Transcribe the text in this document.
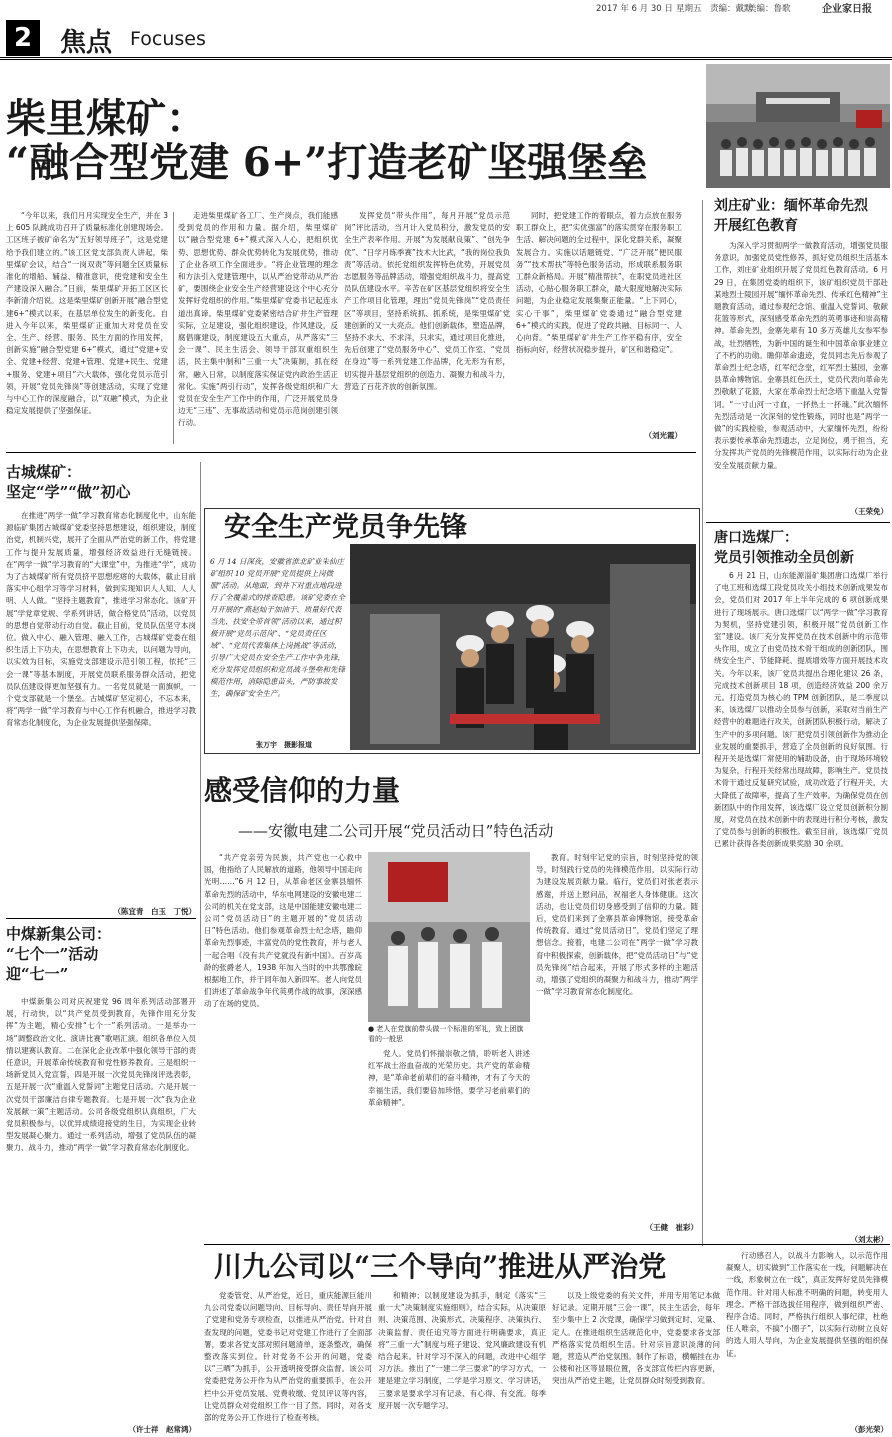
2017 年 6 月 30 日 星期五 责编：戴默
美编：鲁歌	企业家日报
2	焦点 Focuses
柴里煤矿：
“融合型党建 6+”打造老矿坚强堡垒

“今年以来，我们月月实现安全生产，并在 3 上 605 队跳成功召开了质量标准化创建现场会。工区班子被矿命名为“五好领导班子”，这是党建给予我们建立的。”该工区党支部负责人讲起，柴里煤矿会议，结合“一岗双责”等问题全区质量标准化的增船、辅益、精准意识，使党建和安全生产建设深入融合。”日前，柴里煤矿开拓工区区长李新清介绍说。这是柴里煤矿创新开展“融合型党建6+”模式以来，在基层单位发生的新变化。自进入今年以来，柴里煤矿正重加大对党员在安全、生产、经营、服务、民生方面的作用发挥，创新实施“融合型党建 6+”模式，通过“党建+安全、党建+经营、党建+管理、党建+民生、党建+服务、党建+项目”六大载体，强化党员示范引领，开展“党员先锋岗”等创建活动，实现了党建与中心工作的深度融合，以“双融”模式，为企业稳定发展提供了坚强保证。

走进柴里煤矿各工厂、生产岗点，我们能感受到党员的作用和力量。据介绍，柴里煤矿以“融合型党建 6+”模式深入人心，把组织优势、思想优势、群众优势转化为发展优势，推动了企业各项工作全面进步。“将企业管理的理念和方法引入党建管理中，以从严治党带动从严治矿，要围绕企业安全生产经营建设这个中心充分发挥好党组织的作用。”柴里煤矿党委书记起连永道出真谛。柴里煤矿党委紧密结合矿井生产管理实际，立足建设，强化组织建设，作风建设，反腐倡廉建设，制度建设五大重点，从严落实“三会一课”、民主生活会、领导干部双重组织生活，民主集中制和“三重一大”决策制，抓在经常，融入日常，以制度落实保证党内政治生活正常化。实施“两引行动”，发挥各级党组织和广大党员在安全生产工作中的作用，广泛开展党员身边无“三违”、无事故活动和党员示范岗创建引领行动。

发挥党员“带头作用”，每月开展“党员示范岗”评比活动，当月计入党员积分，激发党员的安全生产表率作用。开展“为发展献良策”、“创先争优”、“日学月练季赛”技术大比武，“我的岗位我负责”等活动。依托党组织发挥特色优势，开展党员志愿服务等品牌活动，增强党组织战斗力，提高党员队伍建设水平。辛苦在矿区基层党组织将安全生产工作项目化管理，理出“党员先锋岗”“党员责任区”等项目，坚持系统抓、抓系统，是柴里煤矿党建创新的又一大亮点。他们创新载体，塑造品牌，坚持不求大、不求洋，只求实，通过项目化推进，先后创建了“党员服务中心”、党员工作室、“党员在身边”等一系列党建工作品牌，化无形为有形，切实提升基层党组织的创造力、凝聚力和战斗力，营造了百花齐放的创新氛围。

同时，把党建工作的着眼点，着力点放在服务职工群众上，把“实优强富”的落实贯穿在服务职工生活、解决问题的全过程中，深化党群关系，凝聚发展合力。实施以话题链党、“广泛开展”便民服务”“技术帮扶”等特色服务活动，形成联系服务职工群众新格局。开展“精准帮扶”，在职党员进社区活动，心贴心服务职工群众，最大限度地解决实际问题，为企业稳定发展集聚正能量。“上下同心，实心干事”，柴里煤矿党委通过“融合型党建 6+”模式的实践，促进了党政共融、目标同一、人心向背。“柴里煤矿矿井生产工作平稳有序，安全指标向好，经营状况稳步提升，矿区和谐稳定”。

（刘光霞）
刘庄矿业：缅怀革命先烈
开展红色教育

为深入学习贯彻两学一做教育活动，增强党员服务意识，加强党员党性修养，抓好党员组织生活基本工作，刘庄矿业组织开展了党员红色教育活动。6 月 29 日，在集团党委的组织下，该矿组织党员干部赴某地烈士陵园开展“缅怀革命先烈、传承红色精神”主题教育活动，通过参观纪念馆、重温入党誓词、敬献花篮等形式，深刻感受革命先烈的英勇事迹和崇高精神。革命先烈，金寨先辈有 10 多万英雄儿女参军参战，壮烈牺牲，为新中国的诞生和中国革命事业建立了不朽的功勋。瞻仰革命遗迹，党员同志先后参观了革命烈士纪念塔，红军纪念堂，红军烈士墓园，金寨县革命博物馆。金寨县红色沃土，党员代表向革命先烈敬献了花篮，大家在革命烈士纪念塔下重温入党誓词。“一寸山河一寸血，一抔热土一抔魂。”此次缅怀先烈活动是一次深刻的党性锻炼，同时也是“两学一做”的实践检验，参观活动中，大家缅怀先烈，纷纷表示要传承革命先烈遗志，立足岗位，勇于担当，充分发挥共产党员的先锋模范作用，以实际行动为企业安全发展贡献力量。

（王荣免）
古城煤矿：
坚定“学”“做”初心

在推进“两学一做”学习教育常态化制度化中，山东能源临矿集团古城煤矿党委坚持思想建设，组织建设，制度治党，机制兴党，展开了全面从严治党的新工作，将党建工作与提升发展质量，增强经济效益进行无缝链接。在“两学一做”学习教育的“大课堂”中，为推进“学”，成功为了古城煤矿所有党员挤平思想疙瘩的大载体，截止目前落实中心组学习等学习材料，做到实现知识人人知、人人明、人人做。“坚持主题教育”，推进学习常态化。该矿开展“学党章党规、学系列讲话，做合格党员”活动，以党员的思想自觉带动行动自觉。截止目前，党员队伍坚守本岗位。做入中心、融入管理、融入工作，古城煤矿党委在组织生活上下功夫，在思想教育上下功夫，以问题为导向，以实效为目标，实施党支部建设示范引领工程，依托“三会一课”等基本制度，开展党员联系服务群众活动，把党员队伍建设得更加坚强有力。一名党员就是一面旗帜，一个党支部就是一个堡垒。古城煤矿坚定初心，不忘本来，将“两学一做”学习教育与中心工作有机融合，推进学习教育常态化制度化，为企业发展提供坚强保障。

（陈宜青　白玉　丁悦）
安全生产党员争先锋
6 月 14 日深夜，安徽省淮北矿业朱仙庄矿组织 10 党员开展“党员提供上岗微服”活动。从地面，到井下对重点地段进行了全覆盖式的排查隐患。该矿党委在全月开展的“燕赵灿于加油于、质量好代表当先、扶安全带首领”活动以来，通过积极开展“党员示范岗”、“党员责任区域”、“党员代表集体上岗挑战”等活动，引导广大党员在安全生产工作中争先锋，充分发挥党员组织和党员战斗堡垒和先锋模范作用，消除隐患苗头，严防事故发生，确保矿安全生产。
张万宇　摄影报道
唐口选煤厂：
党员引领推动全员创新

6 月 21 日，山东能源淄矿集团唐口选煤厂举行了电工班和选煤工段党员攻关小组技术创新成果发布会，党员们对 2017 年上半年完成的 6 项创新成果进行了现场展示。唐口选煤厂以“两学一做”学习教育为契机，坚持党建引领，积极开展“党员创新工作室”建设。该厂充分发挥党员在技术创新中的示范带头作用，成立了由党员技术骨干组成的创新团队，围绕安全生产、节能降耗、提质增效等方面开展技术攻关。今年以来，该厂党员共提出合理化建议 26 条，完成技术创新项目 18 项，创造经济效益 200 余万元。打造党员为核心的 TPM 创新团队，是二季度以来，该选煤厂以推动全员参与创新，采取对当前生产经营中的难题进行攻关，创新团队积极行动，解决了生产中的多项问题。该厂把党员引领创新作为推动企业发展的重要抓手，营造了全员创新的良好氛围。行程开关是选煤厂常使用的辅助设备，由于现场环境较为复杂，行程开关经常出现故障，影响生产。党员技术骨干通过反复研究试验，成功改造了行程开关，大大降低了故障率，提高了生产效率。为确保党员在创新团队中的作用发挥，该选煤厂设立党员创新积分制度，对党员在技术创新中的表现进行积分考核，激发了党员参与创新的积极性。截至目前，该选煤厂党员已累计获得各类创新成果奖励 30 余项。

（刘太彬）
感受信仰的力量
——安徽电建二公司开展“党员活动日”特色活动

“共产党亲劳为民族，共产党也一心救中国，他指给了人民解放的道路，他领导中国走向光明……”6 月 12 日，从革命老区金寨县缅怀革命先烈的活动中，华东电网建设的安徽电建二公司的机关在党支部，这是中国能建安徽电建二公司“党员活动日”的主题开展的“党员活动日”特色活动。他们参观革命烈士纪念塔，瞻仰革命先烈事迹，丰富党员的党性教育，并与老人一起合唱《没有共产党就没有新中国》。百岁高龄的张爵老人，1938 年加入当时的中共鄂豫皖根据地工作，并于同年加入新四军。老人向党员们讲述了革命战争年代英勇作战的故事，深深感动了在场的党员。

● 老人在党旗前带头做一个标准的军礼，致上团旗看的一般思

党人。党员们怀揣崇敬之情，聆听老人讲述红军战士浴血奋战的光荣历史。共产党的革命精神，是“革命老前辈们的奋斗精神，才有了今天的幸福生活，我们要倍加珍惜，要学习老前辈们的革命精神”。

教育。时刻牢记党的宗旨，时刻坚持党的领导，时刻践行党员的先锋模范作用，以实际行动为建设发展贡献力量。临行，党员们对张老表示感谢，并送上慰问品，祝福老人身体健康。这次活动，也让党员们切身感受到了信仰的力量。随后，党员们来到了金寨县革命博物馆，接受革命传统教育。通过“党员活动日”，党员们坚定了理想信念。接着，电建二公司在“两学一做”学习教育中积极探索，创新载体，把“党员活动日”与“党员先锋岗”结合起来，开展了形式多样的主题活动，增强了党组织的凝聚力和战斗力，推动“两学一做”学习教育常态化制度化。

（王健　崔彩）
中煤新集公司：
“七个一”活动
迎“七一”

中煤新集公司对庆祝建党 96 周年系列活动部署开展，行动快，以“共产党员受到教育，先锋作用充分发挥”为主题，精心安排“七个一”系列活动。一是举办一场“调整政治文化、演讲比赛”歌唱汇演。组织各单位入员情以建赛认教育。二在深化企业改革中强化领导干部的责任意识，开展革命传统教育和党性修养教育。三是组织一场新党员入党宣誓，四是开展一次党员先锋岗评选表彰，五是开展一次“重温入党誓词”主题党日活动。六是开展一次党员干部廉洁自律专题教育。七是开展一次“我为企业发展献一策”主题活动。公司各级党组织认真组织，广大党员积极参与，以优异成绩迎接党的生日，为实现企业转型发展凝心聚力。通过一系列活动，增强了党员队伍的凝聚力、战斗力，推动“两学一做”学习教育常态化制度化。

（许士祥　赵常鸿）
川九公司以“三个导向”推进从严治党

党委管党、从严治党，近日，重庆能源巨能川九公司党委以问题导向、目标导向、责任导向开展了党建和党务专项检查，以推进从严治党。针对自查发现的问题，党委书记对党建工作进行了全面部署，要求各党支部对照问题清单，逐条整改，确保整改落实到位。针对党务不公开的问题，党委以“三晒”为抓手，公开透明接受群众监督。该公司党委把党务公开作为从严治党的重要抓手，在公开栏中公开党员发展、党费收缴、党员评议等内容，让党员群众对党组织工作一目了然。同时，对各支部的党务公开工作进行了检查考核。

和精神；以制度建设为抓手，制定《落实“三重一大”决策制度实施细则》，结合实际，从决策原则、决策范围、决策形式、决策程序、决策执行、决策监督、责任追究等方面进行明确要求，真正将“三重一大”制度与班子建设、党风廉政建设有机结合起来。针对学习不深入的问题，改进中心组学习方法。推出了“一建二学三要求”的学习方式，一建是建立学习制度，二学是学习原文、学习讲话，三要求是要求学习有记录、有心得、有交流。每季度开展一次专题学习。

以及上级党委的有关文件，并用专用笔记本做好记录。定期开展“三会一课”，民主生活会，每年至少集中上 2 次党课，确保学习做到定时、定量、定人。在推进组织生活规范化中，党委要求各支部严格落实党员组织生活。针对宗旨意识淡薄的问题，营造从严治党氛围。制作了标语，横幅挂在办公楼和社区等显眼位置，各支部宣传栏内容更新，突出从严治党主题，让党员群众时刻受到教育。

行动感召人，以战斗力影响人，以示范作用凝聚人，切实做到“工作落实在一线，问题解决在一线，形象树立在一线”，真正发挥好党员先锋模范作用。针对用人标准不明确的问题，转变用人理念。严格干部选拔任用程序，做到组织严密、程序合适。同时，严格执行组织人事纪律，杜绝任人唯亲，不搞“小圈子”，以实际行动树立良好的选人用人导向，为企业发展提供坚强的组织保证。

（彭光荣）
